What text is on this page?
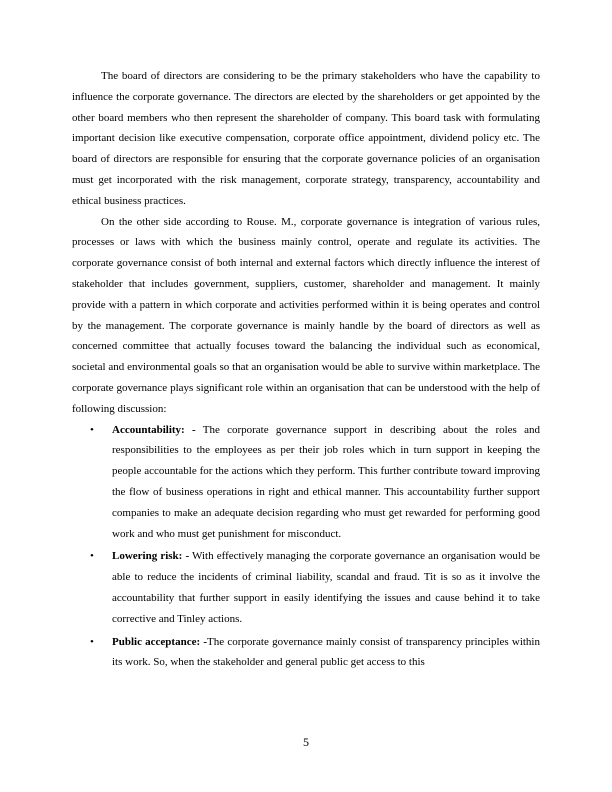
The board of directors are considering to be the primary stakeholders who have the capability to influence the corporate governance. The directors are elected by the shareholders or get appointed by the other board members who then represent the shareholder of company. This board task with formulating important decision like executive compensation, corporate office appointment, dividend policy etc. The board of directors are responsible for ensuring that the corporate governance policies of an organisation must get incorporated with the risk management, corporate strategy, transparency, accountability and ethical business practices.

On the other side according to Rouse. M., corporate governance is integration of various rules, processes or laws with which the business mainly control, operate and regulate its activities. The corporate governance consist of both internal and external factors which directly influence the interest of stakeholder that includes government, suppliers, customer, shareholder and management. It mainly provide with a pattern in which corporate and activities performed within it is being operates and control by the management. The corporate governance is mainly handle by the board of directors as well as concerned committee that actually focuses toward the balancing the individual such as economical, societal and environmental goals so that an organisation would be able to survive within marketplace. The corporate governance plays significant role within an organisation that can be understood with the help of following discussion:

• Accountability: - The corporate governance support in describing about the roles and responsibilities to the employees as per their job roles which in turn support in keeping the people accountable for the actions which they perform. This further contribute toward improving the flow of business operations in right and ethical manner. This accountability further support companies to make an adequate decision regarding who must get rewarded for performing good work and who must get punishment for misconduct.
• Lowering risk: - With effectively managing the corporate governance an organisation would be able to reduce the incidents of criminal liability, scandal and fraud. Tit is so as it involve the accountability that further support in easily identifying the issues and cause behind it to take corrective and Tinley actions.
• Public acceptance: -The corporate governance mainly consist of transparency principles within its work. So, when the stakeholder and general public get access to this
5
